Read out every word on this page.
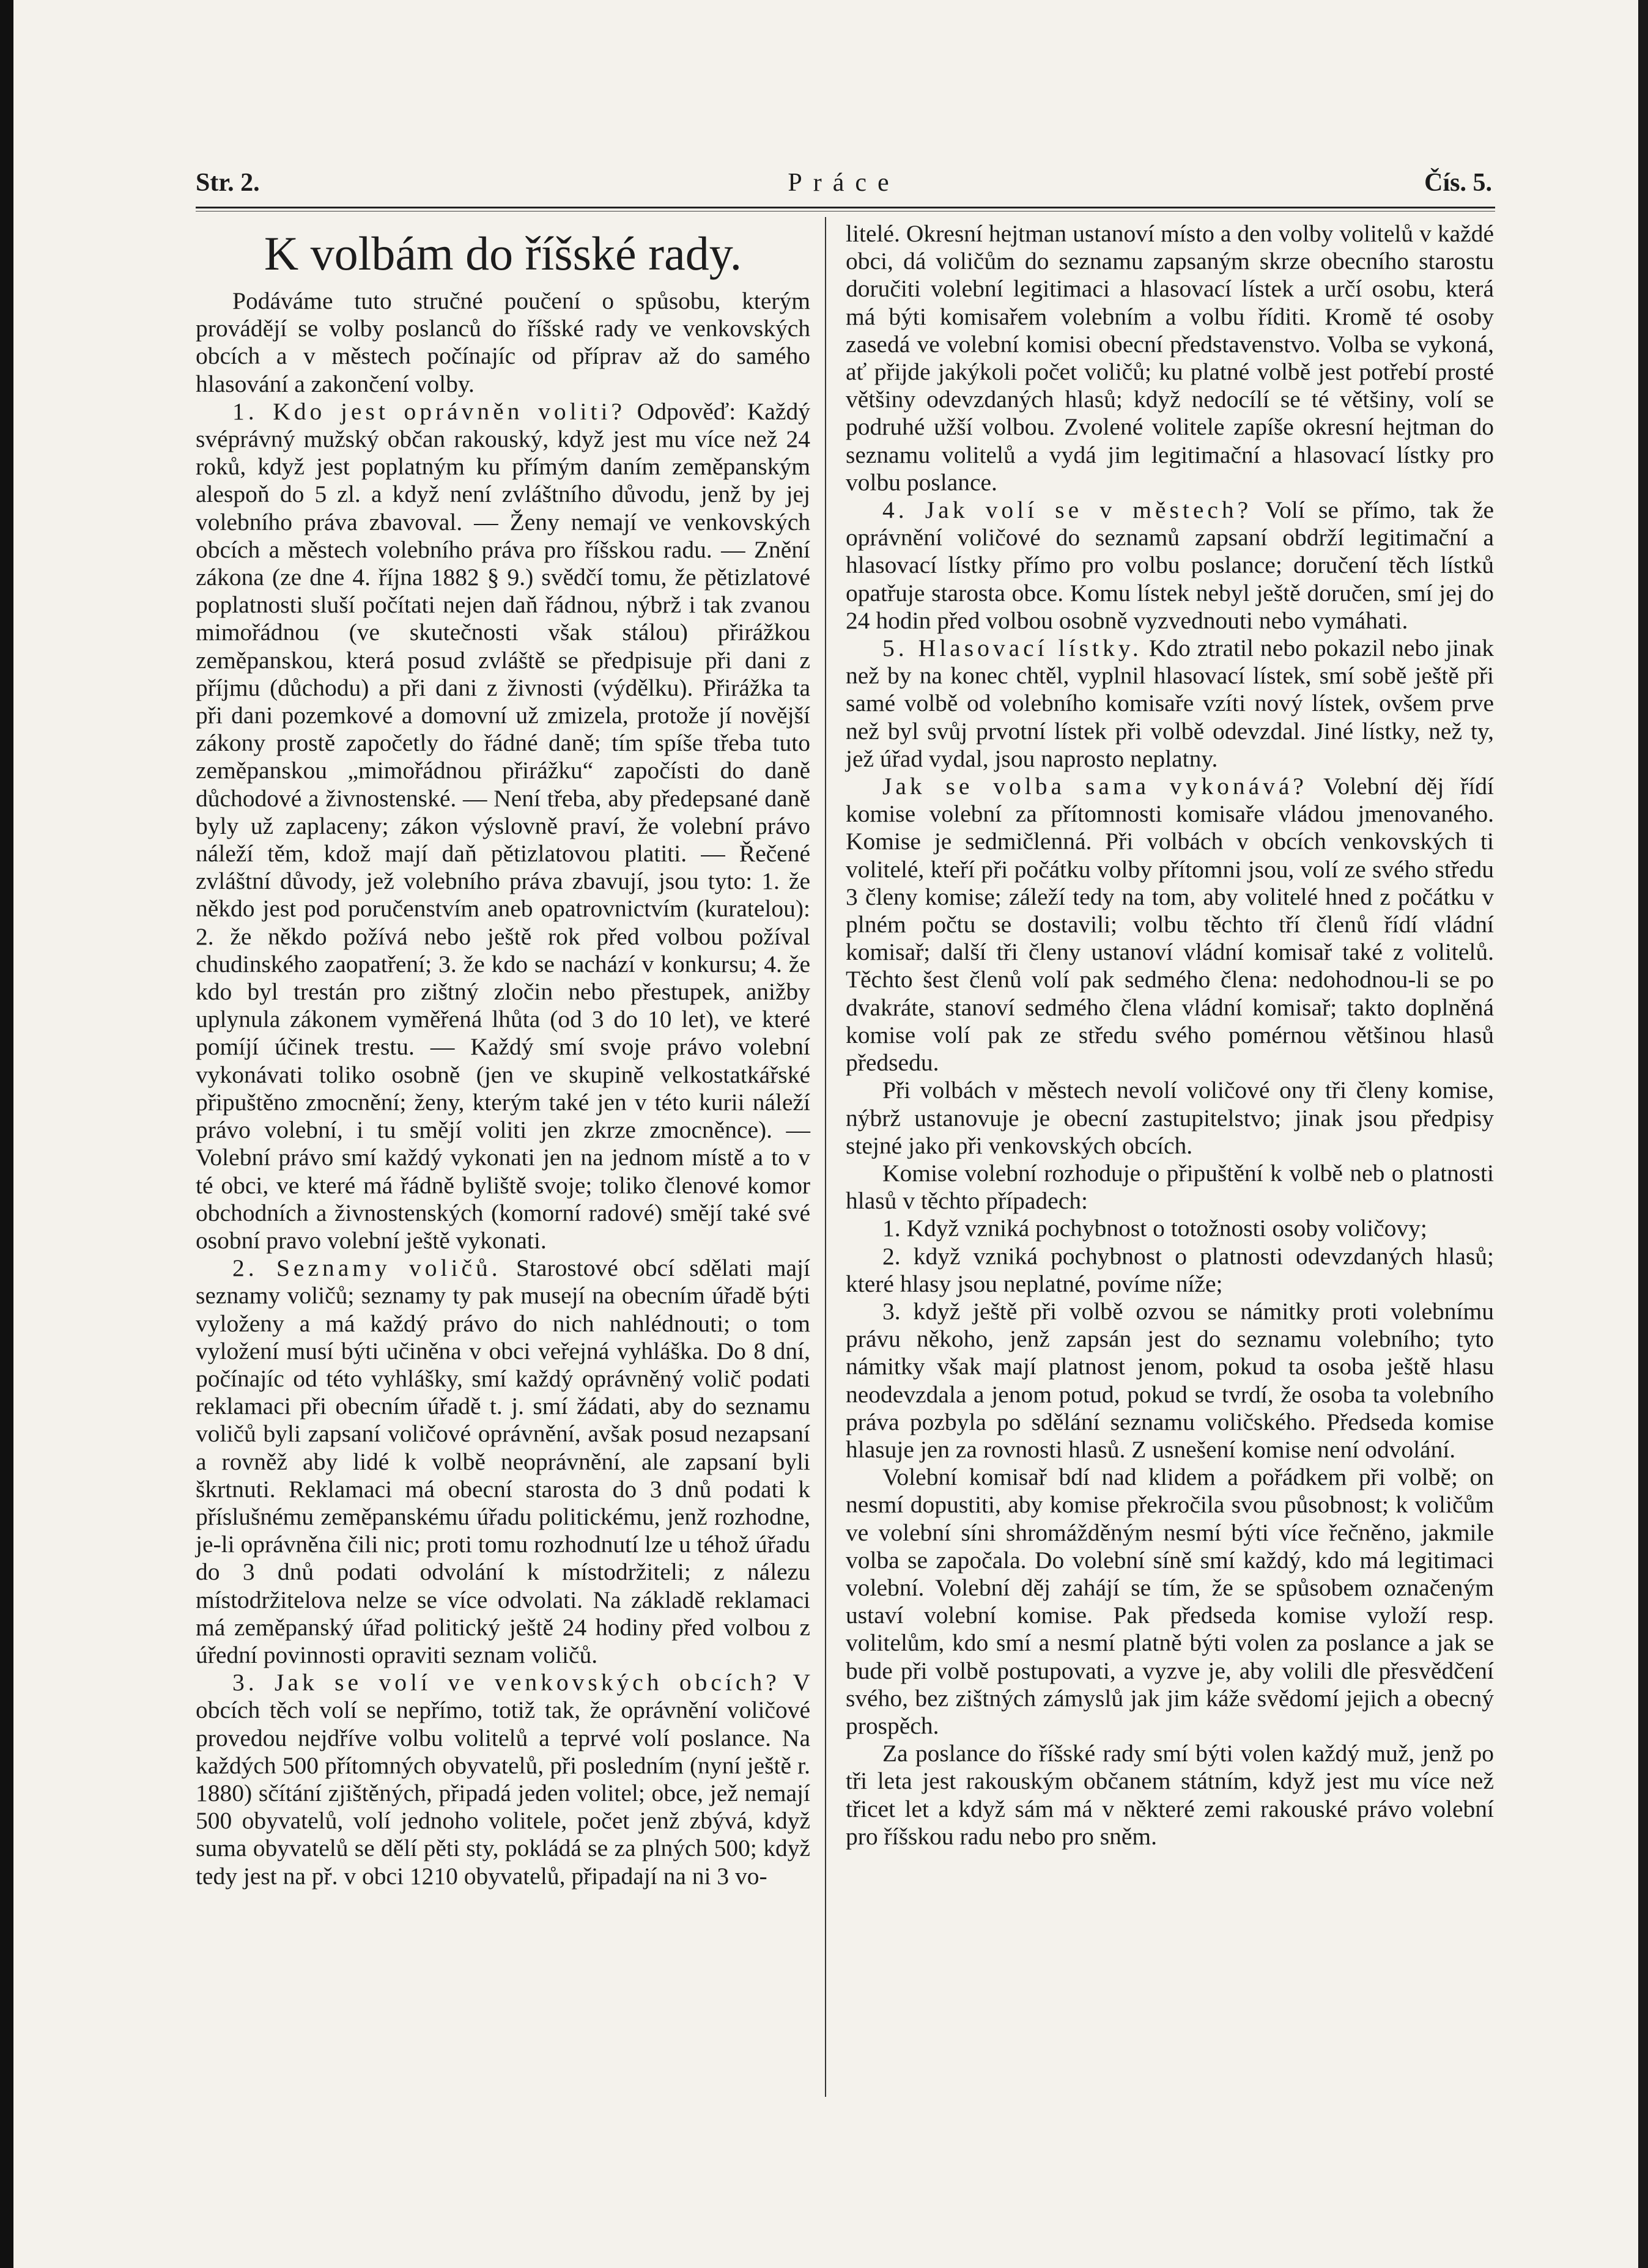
Str. 2.	Práce	Čís. 5.
K volbám do říšské rady.

Podáváme tuto stručné poučení o spůsobu, kterým provádějí se volby poslanců do říšské rady ve venkovských obcích a v městech počínajíc od příprav až do samého hlasování a zakončení volby.

1. Kdo jest oprávněn voliti? Odpověď: Každý svéprávný mužský občan rakouský, když jest mu více než 24 roků, když jest poplatným ku přímým daním zeměpanským alespoň do 5 zl. a když není zvláštního důvodu, jenž by jej volebního práva zbavoval. — Ženy nemají ve venkovských obcích a městech volebního práva pro říšskou radu. — Znění zákona (ze dne 4. října 1882 § 9.) svědčí tomu, že pětizlatové poplatnosti sluší počítati nejen daň řádnou, nýbrž i tak zvanou mimořádnou (ve skutečnosti však stálou) přirážkou zeměpanskou, která posud zvláště se předpisuje při dani z příjmu (důchodu) a při dani z živnosti (výdělku). Přirážka ta při dani pozemkové a domovní už zmizela, protože jí novější zákony prostě započetly do řádné daně; tím spíše třeba tuto zeměpanskou „mimořádnou přirážku“ započísti do daně důchodové a živnostenské. — Není třeba, aby předepsané daně byly už zaplaceny; zákon výslovně praví, že volební právo náleží těm, kdož mají daň pětizlatovou platiti. — Řečené zvláštní důvody, jež volebního práva zbavují, jsou tyto: 1. že někdo jest pod poručenstvím aneb opatrovnictvím (kuratelou): 2. že někdo požívá nebo ještě rok před volbou požíval chudinského zaopatření; 3. že kdo se nachází v konkursu; 4. že kdo byl trestán pro zištný zločin nebo přestupek, anižby uplynula zákonem vyměřená lhůta (od 3 do 10 let), ve které pomíjí účinek trestu. — Každý smí svoje právo volební vykonávati toliko osobně (jen ve skupině velkostatkářské připuštěno zmocnění; ženy, kterým také jen v této kurii náleží právo volební, i tu smějí voliti jen zkrze zmocněnce). — Volební právo smí každý vykonati jen na jednom místě a to v té obci, ve které má řádně byliště svoje; toliko členové komor obchodních a živnostenských (komorní radové) smějí také své osobní pravo volební ještě vykonati.

2. Seznamy voličů. Starostové obcí sdělati mají seznamy voličů; seznamy ty pak musejí na obecním úřadě býti vyloženy a má každý právo do nich nahlédnouti; o tom vyložení musí býti učiněna v obci veřejná vyhláška. Do 8 dní, počínajíc od této vyhlášky, smí každý oprávněný volič podati reklamaci při obecním úřadě t. j. smí žádati, aby do seznamu voličů byli zapsaní voličové oprávnění, avšak posud nezapsaní a rovněž aby lidé k volbě neoprávnění, ale zapsaní byli škrtnuti. Reklamaci má obecní starosta do 3 dnů podati k příslušnému zeměpanskému úřadu politickému, jenž rozhodne, je-li oprávněna čili nic; proti tomu rozhodnutí lze u téhož úřadu do 3 dnů podati odvolání k místodržiteli; z nálezu místodržitelova nelze se více odvolati. Na základě reklamaci má zeměpanský úřad politický ještě 24 hodiny před volbou z úřední povinnosti opraviti seznam voličů.

3. Jak se volí ve venkovských obcích? V obcích těch volí se nepřímo, totiž tak, že oprávnění voličové provedou nejdříve volbu volitelů a teprvé volí poslance. Na každých 500 přítomných obyvatelů, při posledním (nyní ještě r. 1880) sčítání zjištěných, připadá jeden volitel; obce, jež nemají 500 obyvatelů, volí jednoho volitele, počet jenž zbývá, když suma obyvatelů se dělí pěti sty, pokládá se za plných 500; když tedy jest na př. v obci 1210 obyvatelů, připadají na ni 3 vo-

litelé. Okresní hejtman ustanoví místo a den volby volitelů v každé obci, dá voličům do seznamu zapsaným skrze obecního starostu doručiti volební legitimaci a hlasovací lístek a určí osobu, která má býti komisařem volebním a volbu říditi. Kromě té osoby zasedá ve volební komisi obecní představenstvo. Volba se vykoná, ať přijde jakýkoli počet voličů; ku platné volbě jest potřebí prosté většiny odevzdaných hlasů; když nedocílí se té většiny, volí se podruhé užší volbou. Zvolené volitele zapíše okresní hejtman do seznamu volitelů a vydá jim legitimační a hlasovací lístky pro volbu poslance.

4. Jak volí se v městech? Volí se přímo, tak že oprávnění voličové do seznamů zapsaní obdrží legitimační a hlasovací lístky přímo pro volbu poslance; doručení těch lístků opatřuje starosta obce. Komu lístek nebyl ještě doručen, smí jej do 24 hodin před volbou osobně vyzvednouti nebo vymáhati.

5. Hlasovací lístky. Kdo ztratil nebo pokazil nebo jinak než by na konec chtěl, vyplnil hlasovací lístek, smí sobě ještě při samé volbě od volebního komisaře vzíti nový lístek, ovšem prve než byl svůj prvotní lístek při volbě odevzdal. Jiné lístky, než ty, jež úřad vydal, jsou naprosto neplatny.

Jak se volba sama vykonává? Volební děj řídí komise volební za přítomnosti komisaře vládou jmenovaného. Komise je sedmičlenná. Při volbách v obcích venkovských ti volitelé, kteří při počátku volby přítomni jsou, volí ze svého středu 3 členy komise; záleží tedy na tom, aby volitelé hned z počátku v plném počtu se dostavili; volbu těchto tří členů řídí vládní komisař; další tři členy ustanoví vládní komisař také z volitelů. Těchto šest členů volí pak sedmého člena: nedohodnou-li se po dvakráte, stanoví sedmého člena vládní komisař; takto doplněná komise volí pak ze středu svého pomérnou většinou hlasů předsedu.

Při volbách v městech nevolí voličové ony tři členy komise, nýbrž ustanovuje je obecní zastupitelstvo; jinak jsou předpisy stejné jako při venkovských obcích.

Komise volební rozhoduje o připuštění k volbě neb o platnosti hlasů v těchto případech:

1. Když vzniká pochybnost o totožnosti osoby voličovy;

2. když vzniká pochybnost o platnosti odevzdaných hlasů; které hlasy jsou neplatné, povíme níže;

3. když ještě při volbě ozvou se námitky proti volebnímu právu někoho, jenž zapsán jest do seznamu volebního; tyto námitky však mají platnost jenom, pokud ta osoba ještě hlasu neodevzdala a jenom potud, pokud se tvrdí, že osoba ta volebního práva pozbyla po sdělání seznamu voličského. Předseda komise hlasuje jen za rovnosti hlasů. Z usnešení komise není odvolání.

Volební komisař bdí nad klidem a pořádkem při volbě; on nesmí dopustiti, aby komise překročila svou působnost; k voličům ve volební síni shromážděným nesmí býti více řečněno, jakmile volba se započala. Do volební síně smí každý, kdo má legitimaci volební. Volební děj zahájí se tím, že se spůsobem označeným ustaví volební komise. Pak předseda komise vyloží resp. volitelům, kdo smí a nesmí platně býti volen za poslance a jak se bude při volbě postupovati, a vyzve je, aby volili dle přesvědčení svého, bez zištných zámyslů jak jim káže svědomí jejich a obecný prospěch.

Za poslance do říšské rady smí býti volen každý muž, jenž po tři leta jest rakouským občanem státním, když jest mu více než třicet let a když sám má v některé zemi rakouské právo volební pro říšskou radu nebo pro sněm.
